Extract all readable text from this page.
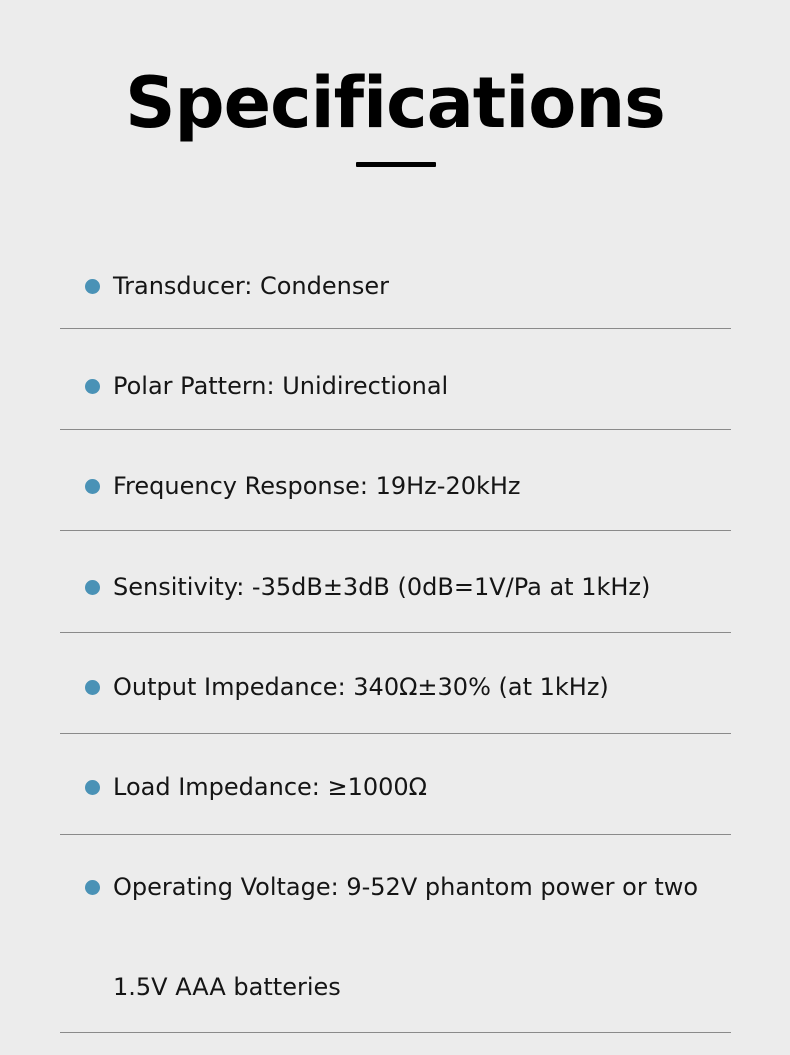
Specifications
Transducer: Condenser
Polar Pattern: Unidirectional
Frequency Response: 19Hz-20kHz
Sensitivity: -35dB±3dB (0dB=1V/Pa at 1kHz)
Output Impedance: 340Ω±30% (at 1kHz)
Load Impedance: ≥1000Ω
Operating Voltage: 9-52V phantom power or two 1.5V AAA batteries
